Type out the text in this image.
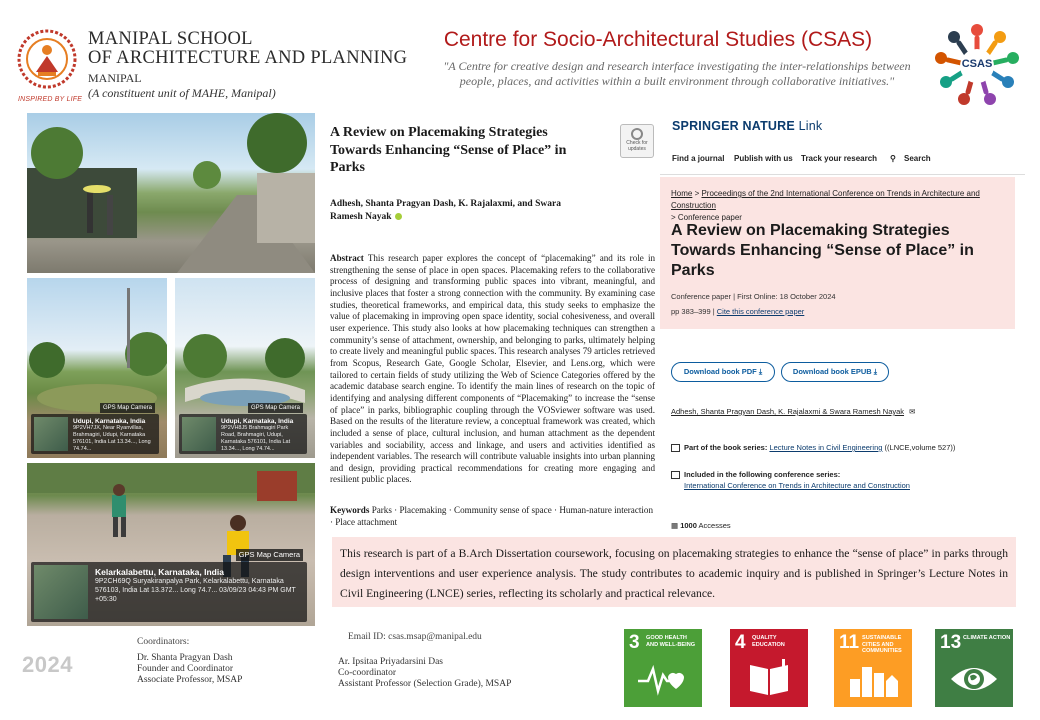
INSPIRED BY LIFE
MANIPAL SCHOOL
OF ARCHITECTURE AND PLANNING
MANIPAL
(A constituent unit of MAHE, Manipal)
Centre for Socio-Architectural Studies (CSAS)
"A Centre for creative design and research interface investigating the inter-relationships between people, places, and activities within a built environment through collaborative initiatives."
CSAS
GPS Map Camera
Udupi, Karnataka, India
9P2VH7JX, Near Ryanvillas, Brahmagiri, Udupi, Karnataka 576101, India Lat 13.34..., Long 74.74...
GPS Map Camera
Udupi, Karnataka, India
9P2VH8J5 Brahmagiri Park Road, Brahmagiri, Udupi, Karnataka 576101, India Lat 13.34..., Long 74.74...
GPS Map Camera
Kelarkalabettu, Karnataka, India
9P2CH69Q Suryakiranpalya Park, Kelarkalabettu, Karnataka 576103, India Lat 13.372... Long 74.7... 03/09/23 04:43 PM GMT +05:30
A Review on Placemaking Strategies Towards Enhancing “Sense of Place” in Parks
Check for updates
Adhesh, Shanta Pragyan Dash, K. Rajalaxmi, and Swara Ramesh Nayak
Abstract This research paper explores the concept of “placemaking” and its role in strengthening the sense of place in open spaces. Placemaking refers to the collaborative process of designing and transforming public spaces into vibrant, meaningful, and inclusive places that foster a strong connection with the community. By examining case studies, theoretical frameworks, and empirical data, this study seeks to emphasize the value of placemaking in improving open space identity, social cohesiveness, and overall user experience. This study also looks at how placemaking techniques can strengthen a community’s sense of attachment, ownership, and belonging to parks, ultimately helping to create lively and meaningful public spaces. This research analyses 79 articles retrieved from Scopus, Research Gate, Google Scholar, Elsevier, and Lens.org, which were tailored to certain fields of study utilizing the Web of Science Categories offered by the academic database search engine. To identify the main lines of research on the topic of identifying and analysing different components of “Placemaking” to increase the “sense of place” in parks, bibliographic coupling through the VOSviewer software was used. Based on the results of the literature review, a conceptual framework was created, which included a sense of place, cultural inclusion, and human attachment as the dependent variables and sociability, access and linkage, and users and activities identified as independent variables. The research will contribute valuable insights into urban planning and design, providing practical recommendations for creating more engaging and resilient public places.
Keywords Parks · Placemaking · Community sense of space · Human-nature interaction · Place attachment
SPRINGER NATURE Link
Find a journal Publish with us Track your research ⚲ Search
Home > Proceedings of the 2nd International Conference on Trends in Architecture and Construction
> Conference paper
A Review on Placemaking Strategies Towards Enhancing “Sense of Place” in Parks
Conference paper | First Online: 18 October 2024
pp 383–399 | Cite this conference paper
Download book PDF ⤓	Download book EPUB ⤓
Adhesh, Shanta Pragyan Dash, K. Rajalaxmi & Swara Ramesh Nayak ✉
Part of the book series: Lecture Notes in Civil Engineering ((LNCE,volume 527))
Included in the following conference series:
International Conference on Trends in Architecture and Construction
▦ 1000 Accesses
This research is part of a B.Arch Dissertation coursework, focusing on placemaking strategies to enhance the “sense of place” in parks through design interventions and user experience analysis. The study contributes to academic inquiry and is published in Springer’s Lecture Notes in Civil Engineering (LNCE) series, reflecting its scholarly and practical relevance.
2024
Coordinators:
Dr. Shanta Pragyan Dash
Founder and Coordinator
Associate Professor, MSAP
Email ID: csas.msap@manipal.edu
Ar. Ipsitaa Priyadarsini Das
Co-coordinator
Assistant Professor (Selection Grade), MSAP
3 GOOD HEALTH AND WELL-BEING 4 QUALITY EDUCATION	11 SUSTAINABLE CITIES AND COMMUNITIES	13 CLIMATE ACTION
